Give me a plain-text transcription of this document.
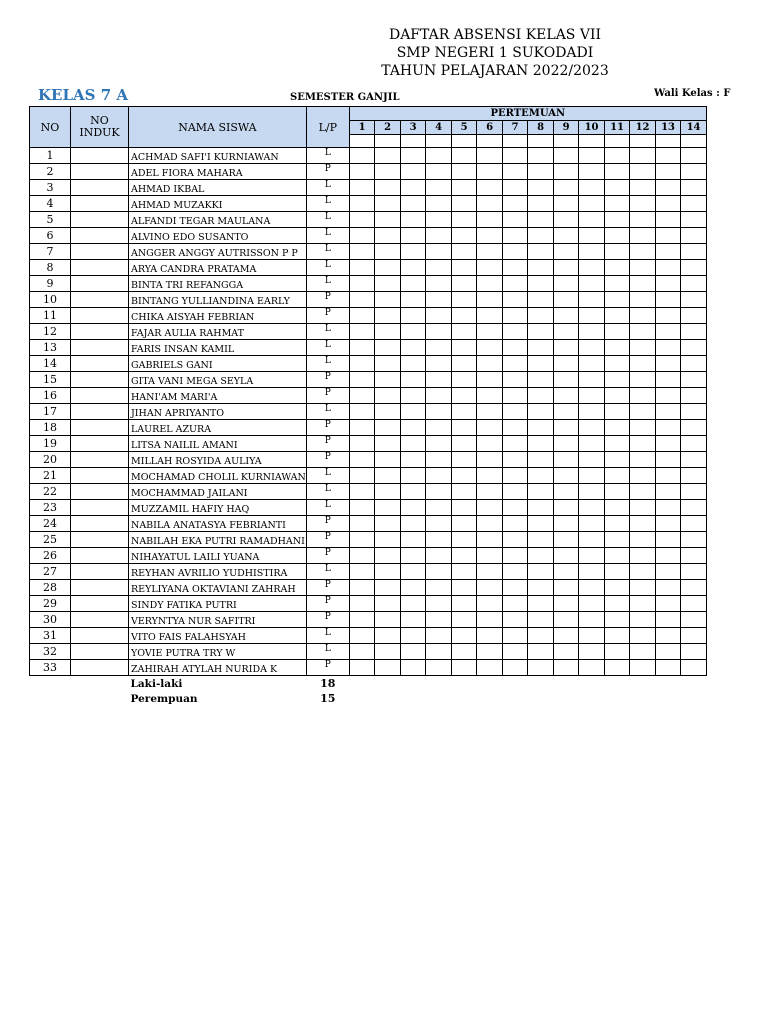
DAFTAR ABSENSI KELAS VII
SMP NEGERI 1 SUKODADI
TAHUN PELAJARAN 2022/2023
KELAS 7 A	SEMESTER GANJIL	Wali Kelas : F
NO	NO
INDUK	NAMA SISWA	L/P	PERTEMUAN													
				1	2	3	4	5	6	7	8	9	10	11	12	13	14

1		ACHMAD SAFI'I KURNIAWAN	L														
2		ADEL FIORA MAHARA	P														
3		AHMAD IKBAL	L														
4		AHMAD MUZAKKI	L														
5		ALFANDI TEGAR MAULANA	L														
6		ALVINO EDO SUSANTO	L														
7		ANGGER ANGGY AUTRISSON P P	L														
8		ARYA CANDRA PRATAMA	L														
9		BINTA TRI REFANGGA	L														
10		BINTANG YULLIANDINA EARLY	P														
11		CHIKA AISYAH FEBRIAN	P														
12		FAJAR AULIA RAHMAT	L														
13		FARIS INSAN KAMIL	L														
14		GABRIELS GANI	L														
15		GITA VANI MEGA SEYLA	P														
16		HANI'AM MARI'A	P														
17		JIHAN APRIYANTO	L														
18		LAUREL AZURA	P														
19		LITSA NAILIL AMANI	P														
20		MILLAH ROSYIDA AULIYA	P														
21		MOCHAMAD CHOLIL KURNIAWAN	L														
22		MOCHAMMAD JAILANI	L														
23		MUZZAMIL HAFIY HAQ	L														
24		NABILA ANATASYA FEBRIANTI	P														
25		NABILAH EKA PUTRI RAMADHANI	P														
26		NIHAYATUL LAILI YUANA	P														
27		REYHAN AVRILIO YUDHISTIRA	L														
28		REYLIYANA OKTAVIANI ZAHRAH	P														
29		SINDY FATIKA PUTRI	P														
30		VERYNTYA NUR SAFITRI	P														
31		VITO FAIS FALAHSYAH	L														
32		YOVIE PUTRA TRY W	L														
33		ZAHIRAH ATYLAH NURIDA K	P														
		Laki-laki	18														
		Perempuan	15														
